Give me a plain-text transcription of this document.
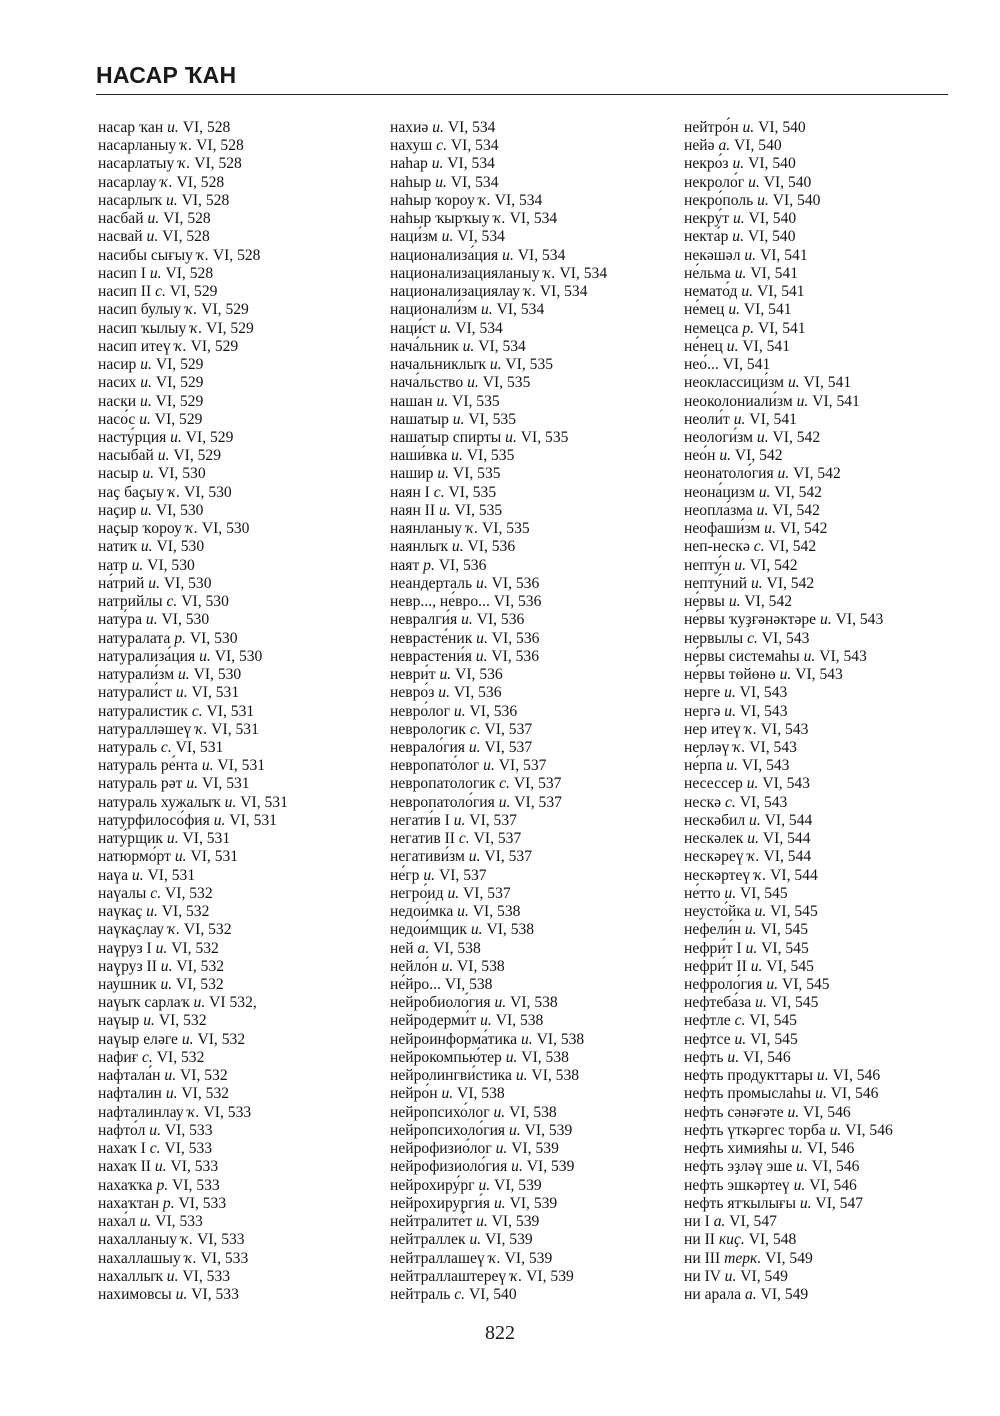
НАСАР ҠАН
насар ҡан и. VI, 528
насарланыу ҡ. VI, 528
насарлатыу ҡ. VI, 528
насарлау ҡ. VI, 528
насарлыҡ и. VI, 528
насбай и. VI, 528
насвай и. VI, 528
насибы сығыу ҡ. VI, 528
насип I и. VI, 528
насип II с. VI, 529
насип булыу ҡ. VI, 529
насип ҡылыу ҡ. VI, 529
насип итеү ҡ. VI, 529
насир и. VI, 529
насих и. VI, 529
наски и. VI, 529
насо́с и. VI, 529
насту́рция и. VI, 529
насыбай и. VI, 529
насыр и. VI, 530
наҫ баҫыу ҡ. VI, 530
наҫир и. VI, 530
наҫыр ҡороу ҡ. VI, 530
натиҡ и. VI, 530
натр и. VI, 530
на́трий и. VI, 530
натрийлы с. VI, 530
нату́ра и. VI, 530
натуралата р. VI, 530
натурализа́ция и. VI, 530
натурали́зм и. VI, 530
натурали́ст и. VI, 531
натуралистик с. VI, 531
натуралләшеү ҡ. VI, 531
натураль с. VI, 531
натураль ре́нта и. VI, 531
натураль рәт и. VI, 531
натураль хужалыҡ и. VI, 531
натурфилосо́фия и. VI, 531
нату́рщик и. VI, 531
натюрмо́рт и. VI, 531
наүа и. VI, 531
наүалы с. VI, 532
наүкаҫ и. VI, 532
наүкаҫлау ҡ. VI, 532
наүруз I и. VI, 532
наүруз II и. VI, 532
нау́шник и. VI, 532
наүыҡ сарлаҡ и. VI 532,
наүыр и. VI, 532
наүыр еләге и. VI, 532
нафиғ с. VI, 532
нафтала́н и. VI, 532
нафталин и. VI, 532
нафталинлау ҡ. VI, 533
нафто́л и. VI, 533
нахаҡ I с. VI, 533
нахаҡ II и. VI, 533
нахаҡҡа р. VI, 533
нахаҡтан р. VI, 533
наха́л и. VI, 533
нахалланыу ҡ. VI, 533
нахаллашыу ҡ. VI, 533
нахаллыҡ и. VI, 533
нахимовсы и. VI, 533
нахиә и. VI, 534
нахуш с. VI, 534
наһар и. VI, 534
наһыр и. VI, 534
наһыр ҡороу ҡ. VI, 534
наһыр ҡырҡыу ҡ. VI, 534
наци́зм и. VI, 534
национализа́ция и. VI, 534
национализацияланыу ҡ. VI, 534
национализациялау ҡ. VI, 534
национали́зм и. VI, 534
наци́ст и. VI, 534
нача́льник и. VI, 534
начальниклыҡ и. VI, 535
нача́льство и. VI, 535
нашан и. VI, 535
нашатыр и. VI, 535
нашатыр спирты и. VI, 535
наши́вка и. VI, 535
нашир и. VI, 535
наян I с. VI, 535
наян II и. VI, 535
наянланыу ҡ. VI, 535
наянлыҡ и. VI, 536
наят р. VI, 536
неандерталь и. VI, 536
невр..., не́вро... VI, 536
невралги́я и. VI, 536
неврасте́ник и. VI, 536
неврастени́я и. VI, 536
неври́т и. VI, 536
невро́з и. VI, 536
невро́лог и. VI, 536
неврологик с. VI, 537
неврало́гия и. VI, 537
невропато́лог и. VI, 537
невропатологик с. VI, 537
невропатоло́гия и. VI, 537
негати́в I и. VI, 537
негатив II с. VI, 537
негативи́зм и. VI, 537
не́гр и. VI, 537
негро́ид и. VI, 537
недои́мка и. VI, 538
недои́мщик и. VI, 538
ней а. VI, 538
нейло́н и. VI, 538
не́йро... VI, 538
нейробиоло́гия и. VI, 538
нейродерми́т и. VI, 538
нейроинформа́тика и. VI, 538
нейрокомпью́тер и. VI, 538
нейролингви́стика и. VI, 538
нейро́н и. VI, 538
нейропсихо́лог и. VI, 538
нейропсихоло́гия и. VI, 539
нейрофизио́лог и. VI, 539
нейрофизиоло́гия и. VI, 539
нейрохиру́рг и. VI, 539
нейрохирурги́я и. VI, 539
нейтралите́т и. VI, 539
нейтраллек и. VI, 539
нейтраллашеү ҡ. VI, 539
нейтраллаштереү ҡ. VI, 539
нейтраль с. VI, 540
нейтро́н и. VI, 540
нейә а. VI, 540
некро́з и. VI, 540
некроло́г и. VI, 540
некро́поль и. VI, 540
некру́т и. VI, 540
некта́р и. VI, 540
некәшәл и. VI, 541
не́льма и. VI, 541
немато́д и. VI, 541
не́мец и. VI, 541
немецса р. VI, 541
не́нец и. VI, 541
нео́... VI, 541
неоклассици́зм и. VI, 541
неоколониали́зм и. VI, 541
неоли́т и. VI, 541
неологи́зм и. VI, 542
нео́н и. VI, 542
неонатоло́гия и. VI, 542
неона́цизм и. VI, 542
неопла́зма и. VI, 542
неофаши́зм и. VI, 542
неп-нескә с. VI, 542
непту́н и. VI, 542
непту́ний и. VI, 542
не́рвы и. VI, 542
не́рвы ҡуҙғәнәктәре и. VI, 543
нервылы с. VI, 543
не́рвы системаһы и. VI, 543
не́рвы төйөнө и. VI, 543
нерге и. VI, 543
нергә и. VI, 543
нер итеү ҡ. VI, 543
нерләү ҡ. VI, 543
не́рпа и. VI, 543
несессер и. VI, 543
нескә с. VI, 543
нескәбил и. VI, 544
нескәлек и. VI, 544
нескәреү ҡ. VI, 544
нескәртеү ҡ. VI, 544
не́тто и. VI, 545
неусто́йка и. VI, 545
нефели́н и. VI, 545
нефри́т I и. VI, 545
нефри́т II и. VI, 545
нефроло́гия и. VI, 545
нефтеба́за и. VI, 545
нефтле с. VI, 545
нефтсе и. VI, 545
нефть и. VI, 546
нефть продукттары и. VI, 546
нефть промыслаһы и. VI, 546
нефть сәнәғәте и. VI, 546
нефть үткәргес торба и. VI, 546
нефть химияһы и. VI, 546
нефть эҙләү эше и. VI, 546
нефть эшкәртеү и. VI, 546
нефть ятҡылығы и. VI, 547
ни I а. VI, 547
ни II киҫ. VI, 548
ни III терк. VI, 549
ни IV и. VI, 549
ни арала а. VI, 549
822
